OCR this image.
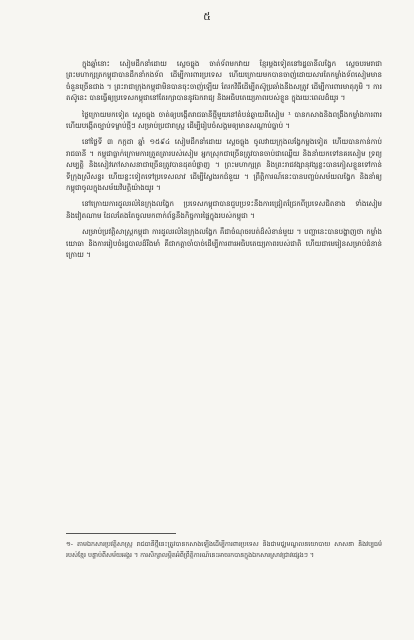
៥

ក្នុងឆ្នាំនោះ សៀមដឹកនាំដោយ ស្តេចធ្លុង ចាត់ទ័ពមកវាយ ខ្មែរម្តងទៀតនៅរដ្ឋធានីលង្វែក ស្តេចបរមរាជា ព្រះមហាក្សត្រកម្ពុជាបានដឹកនាំកងទ័ព ដើម្បីការពារប្រទេស ហើយក្រោយមកបានចាញ់ដោយសារតែកម្លាំងទ័ពសៀមមានចំនួនច្រើនជាង ។ ព្រះរាជាក្រុងកម្ពុជាមិនបានចុះចាញ់ឡើយ តែរកវិធីដើម្បីតស៊ូប្រឆាំងនឹងសត្រូវ ដើម្បីការពារមាតុភូមិ ។ ការតស៊ូនេះ បានធ្វើឲ្យប្រទេសកម្ពុជានៅតែរក្សាបាននូវឯករាជ្យ និងអធិបតេយ្យភាពរបស់ខ្លួន ក្នុងរយៈពេលដ៏យូរ ។

ថ្ងៃក្រោយមកទៀត ស្តេចធ្លុង ចាត់ឲ្យបង្កើតរាជធានីថ្មីមួយនៅតំបន់ឆ្ងាយពីសៀម ¹ បានកសាងនិងពង្រឹងកម្លាំងការពារ ហើយបង្កើតច្បាប់ទម្លាប់ថ្មីៗ សម្រាប់ប្រជារាស្ត្រ ដើម្បីរៀបចំសង្គមឲ្យមានសណ្តាប់ធ្នាប់ ។

នៅថ្ងៃទី ៣ កក្កដា ឆ្នាំ ១៥៩៤ សៀមដឹកនាំដោយ ស្តេចធ្លុង ចូលវាយក្រុងលង្វែកម្តងទៀត ហើយបានកាន់កាប់រាជធានី ។ កម្ពុជាធ្លាក់ក្រោមការត្រួតត្រារបស់សៀម អ្នកស្រុកជាច្រើនត្រូវបានចាប់ជាឈ្លើយ និងនាំយកទៅនគរសៀម ទ្រព្យសម្បត្តិ និងសៀវភៅសាសនាជាច្រើនត្រូវបានដុតបំផ្លាញ ។ ព្រះមហាក្សត្រ និងព្រះរាជវង្សានុវង្សខ្លះបានភៀសខ្លួនទៅកាន់ទីក្រុងស្រីសន្ធរ ហើយខ្លះទៀតទៅប្រទេសលាវ ដើម្បីស្វែងរកជំនួយ ។ ព្រឹត្តិការណ៍នេះបានបញ្ចប់សម័យលង្វែក និងនាំឲ្យកម្ពុជាចូលក្នុងសម័យវិបត្តិយ៉ាងយូរ ។

នៅក្រោយការដួលរលំនៃក្រុងលង្វែក ប្រទេសកម្ពុជាបានជួបប្រទះនឹងការជ្រៀតជ្រែកពីប្រទេសជិតខាង ទាំងសៀម និងវៀតណាម ដែលតែងតែចូលមកពាក់ព័ន្ធនឹងកិច្ចការផ្ទៃក្នុងរបស់កម្ពុជា ។

សម្រាប់ប្រវត្តិសាស្ត្រកម្ពុជា ការដួលរលំនៃក្រុងលង្វែក គឺជាចំណុចរបត់ដ៏សំខាន់មួយ ។ បញ្ហានេះបានបង្ហាញថា កម្លាំងយោធា និងការរៀបចំរដ្ឋបាលដ៏រឹងមាំ គឺជាកត្តាចាំបាច់ដើម្បីការពារអធិបតេយ្យភាពរបស់ជាតិ ហើយជាមេរៀនសម្រាប់ជំនាន់ក្រោយ ។

១- តាមឯកសារប្រវត្តិសាស្ត្រ រាជធានីថ្មីនេះត្រូវបានកសាងឡើងដើម្បីការពារប្រទេស និងជាមជ្ឈមណ្ឌលនយោបាយ សាសនា និងវប្បធម៌របស់ខ្មែរ បន្ទាប់ពីសម័យអង្គរ ។ ការសិក្សាលម្អិតអំពីព្រឹត្តិការណ៍នេះអាចរកបានក្នុងឯកសារស្រាវជ្រាវផ្សេងៗ ។
